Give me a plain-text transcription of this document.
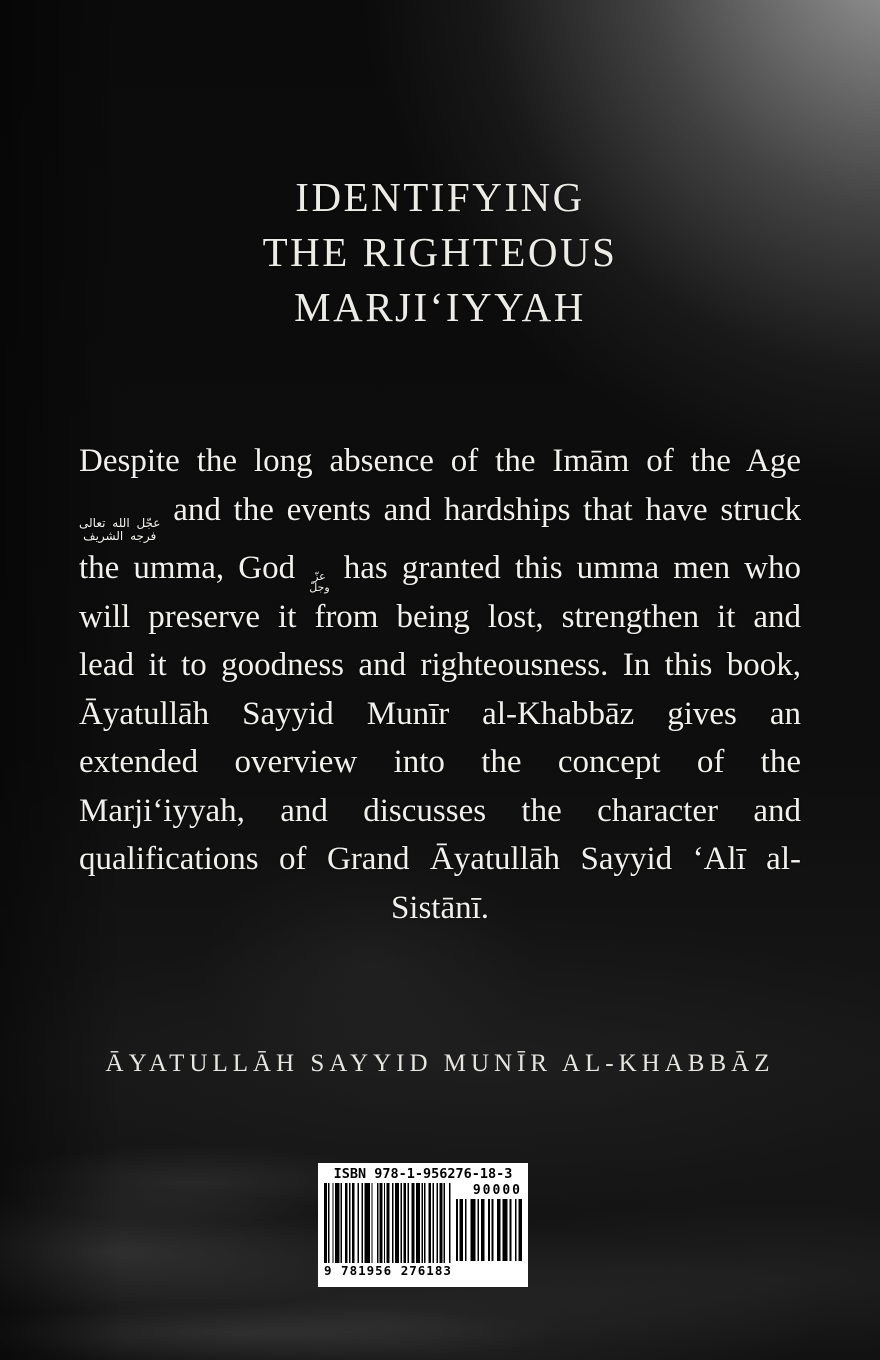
IDENTIFYING
THE RIGHTEOUS
MARJI‘IYYAH
Despite the long absence of the Imām of the Age
عجّل الله تعالى
فرجه الشريف
and the events and hardships that have struck the umma, God عزّ
وجلّ
has granted this umma men who will preserve it from being lost, strengthen it and lead it to goodness and righteousness. In this book, Āyatullāh Sayyid Munīr al-Khabbāz gives an extended overview into the concept of the Marji‘iyyah, and discusses the character and qualifications of Grand Āyatullāh Sayyid ‘Alī al-Sistānī.
ĀYATULLĀH SAYYID MUNĪR AL-KHABBĀZ
ISBN 978-1-956276-18-3
9 781956 276183
90000
